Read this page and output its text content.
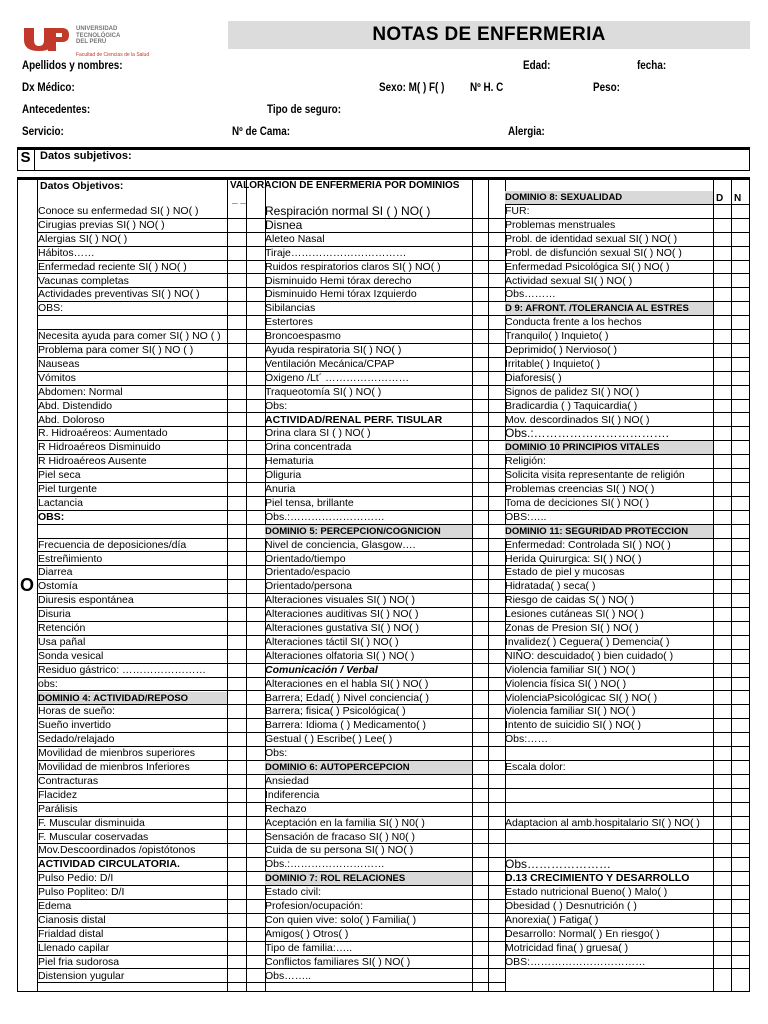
UNIVERSIDAD
TECNOLÓGICA
DEL PERÚ
Facultad de Ciencias de la Salud
NOTAS DE ENFERMERIA
Apellidos y nombres:	Edad:	fecha:
Dx Médico:	Sexo: M( ) F( ) Nº H. C	Peso:
Antecedentes:	Tipo de seguro:
Servicio:	Nº de Cama:	Alergia:
S Datos subjetivos:
O
Datos Objetivos:	VALORACION DE ENFERMERIA POR DOMINIOS
_ _	D N
Conoce su enfermedad SI( ) NO( )
Cirugias previas SI( ) NO( )
Alergias SI( ) NO( )
Hábitos……
Enfermedad reciente SI( ) NO( )
Vacunas completas
Actividades preventivas SI( ) NO( )
OBS:
Necesita ayuda para comer SI( ) NO ( )
Problema para comer SI( ) NO ( )
Nauseas
Vómitos
Abdomen: Normal
Abd. Distendido
Abd. Doloroso
R. Hidroaéreos: Aumentado
R Hidroaéreos Disminuido
R Hidroaéreos Ausente
Piel seca
Piel turgente
Lactancia
OBS:
Frecuencia de deposiciones/día
Estreñimiento
Diarrea
Ostomía
Diuresis espontánea
Disuria
Retención
Usa pañal
Sonda vesical
Residuo gástrico: ……………………
obs:
DOMINIO 4: ACTIVIDAD/REPOSO
Horas de sueño:
Sueño invertido
Sedado/relajado
Movilidad de mienbros superiores
Movilidad de mienbros Inferiores
Contracturas
Flacidez
Parálisis
F. Muscular disminuida
F. Muscular coservadas
Mov.Descoordinados /opistótonos
ACTIVIDAD CIRCULATORIA.
Pulso Pedio: D/I
Pulso Popliteo: D/I
Edema
Cianosis distal
Frialdad distal
Llenado capilar
Piel fria sudorosa
Distension yugular
Respiración normal SI ( ) NO( )
Disnea
Aleteo Nasal
Tiraje……………………………
Ruidos respiratorios claros SI( ) NO( )
Disminuido Hemi tórax derecho
Disminuido Hemi tórax Izquierdo
Sibilancias
Estertores
Broncoespasmo
Ayuda respiratoria SI( ) NO( )
Ventilación Mecánica/CPAP
Oxigeno /Lt´ ……………………
Traqueotomía SI( ) NO( )
Obs:
ACTIVIDAD/RENAL PERF. TISULAR
Orina clara SI ( ) NO( )
Orina concentrada
Hematuria
Oliguria
Anuria
Piel tensa, brillante
Obs.:………………………
DOMINIO 5: PERCEPCION/COGNICION
Nivel de conciencia, Glasgow….
Orientado/tiempo
Orientado/espacio
Orientado/persona
Alteraciones visuales SI( ) NO( )
Alteraciones auditivas SI( ) NO( )
Alteraciones gustativa SI( ) NO( )
Alteraciones táctil SI( ) NO( )
Alteraciones olfatoria SI( ) NO( )
Comunicación / Verbal
Alteraciones en el habla SI( ) NO( )
Barrera; Edad( ) Nivel conciencia( )
Barrera; fisica( ) Psicológica( )
Barrera: Idioma ( ) Medicamento( )
Gestual ( ) Escribe( ) Lee( )
Obs:
DOMINIO 6: AUTOPERCEPCION
Ansiedad
Indiferencia
Rechazo
Aceptación en la familia SI( ) N0( )
Sensación de fracaso SI( ) N0( )
Cuida de su persona SI( ) NO( )
Obs.:………………………
DOMINIO 7: ROL RELACIONES
Estado civil:
Profesion/ocupación:
Con quien vive: solo( ) Familia( )
Amigos( ) Otros( )
Tipo de familia:…..
Conflictos familiares SI( ) NO( )
Obs……..
DOMINIO 8: SEXUALIDAD
FUR:
Problemas menstruales
Probl. de identidad sexual SI( ) NO( )
Probl. de disfunción sexual SI( ) NO( )
Enfermedad Psicológica SI( ) NO( )
Actividad sexual SI( ) NO( )
Obs………
D 9: AFRONT. /TOLERANCIA AL ESTRES
Conducta frente a los hechos
Tranquilo( ) Inquieto( )
Deprimido( ) Nervioso( )
Irritable( ) Inquieto( )
Diaforesis( )
Signos de palidez SI( ) NO( )
Bradicardia ( ) Taquicardia( )
Mov. descordinados SI( ) NO( )
Obs.:…………………………….
DOMINIO 10 PRINCIPIOS VITALES
Religión:
Solicita visita representante de religión
Problemas creencias SI( ) NO( )
Toma de deciciones SI( ) NO( )
OBS:…..
DOMINIO 11: SEGURIDAD PROTECCION
Enfermedad: Controlada SI( ) NO( )
Herida Quirurgica: SI( ) NO( )
Estado de piel y mucosas
Hidratada( ) seca( )
Riesgo de caidas S( ) NO( )
Lesiones cutáneas SI( ) NO( )
Zonas de Presion SI( ) NO( )
Invalidez( ) Ceguera( ) Demencia( )
NIÑO: descuidado( ) bien cuidado( )
Violencia familiar SI( ) NO( )
Violencia física SI( ) NO( )
ViolenciaPsicológicac SI( ) NO( )
Violencia familiar SI( ) NO( )
Intento de suicidio SI( ) NO( )
Obs:……
Escala dolor:
Adaptacion al amb.hospitalario SI( ) NO( )
Obs…………………
D.13 CRECIMIENTO Y DESARROLLO
Estado nutricional Bueno( ) Malo( )
Obesidad ( ) Desnutrición ( )
Anorexia( ) Fatiga( )
Desarrollo: Normal( ) En riesgo( )
Motricidad fina( ) gruesa( )
OBS:……………………………
